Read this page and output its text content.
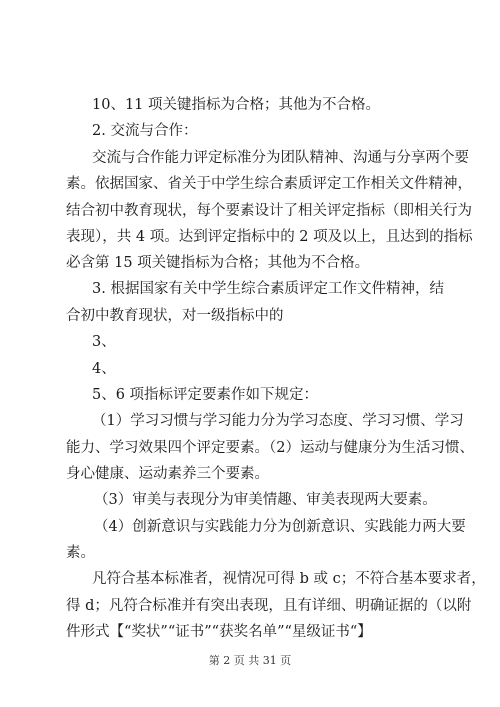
10、11 项关键指标为合格；其他为不合格。
2. 交流与合作：
交流与合作能力评定标准分为团队精神、沟通与分享两个要
素。依据国家、省关于中学生综合素质评定工作相关文件精神，
结合初中教育现状，每个要素设计了相关评定指标（即相关行为
表现），共 4 项。达到评定指标中的 2 项及以上，且达到的指标
必含第 15 项关键指标为合格；其他为不合格。
3. 根据国家有关中学生综合素质评定工作文件精神，结
合初中教育现状，对一级指标中的
3、
4、
5、6 项指标评定要素作如下规定：
（1）学习习惯与学习能力分为学习态度、学习习惯、学习
能力、学习效果四个评定要素。（2）运动与健康分为生活习惯、
身心健康、运动素养三个要素。
（3）审美与表现分为审美情趣、审美表现两大要素。
（4）创新意识与实践能力分为创新意识、实践能力两大要
素。
凡符合基本标准者，视情况可得 b 或 c；不符合基本要求者，
得 d；凡符合标准并有突出表现，且有详细、明确证据的（以附
件形式【“奖状”“证书”“获奖名单”“星级证书“】
第 2 页 共 31 页
